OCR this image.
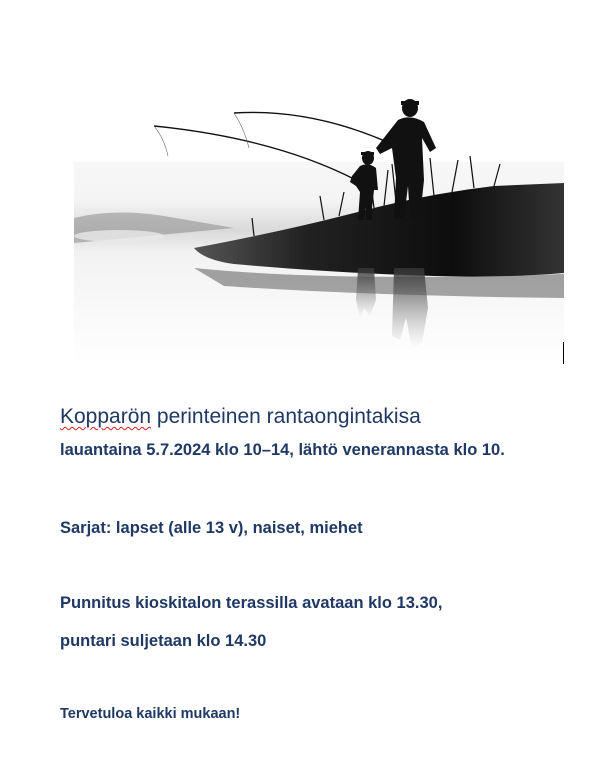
Kopparön perinteinen rantaongintakisa

lauantaina 5.7.2024 klo 10–14, lähtö venerannasta klo 10.

Sarjat: lapset (alle 13 v), naiset, miehet

Punnitus kioskitalon terassilla avataan klo 13.30,

puntari suljetaan klo 14.30

Tervetuloa kaikki mukaan!
